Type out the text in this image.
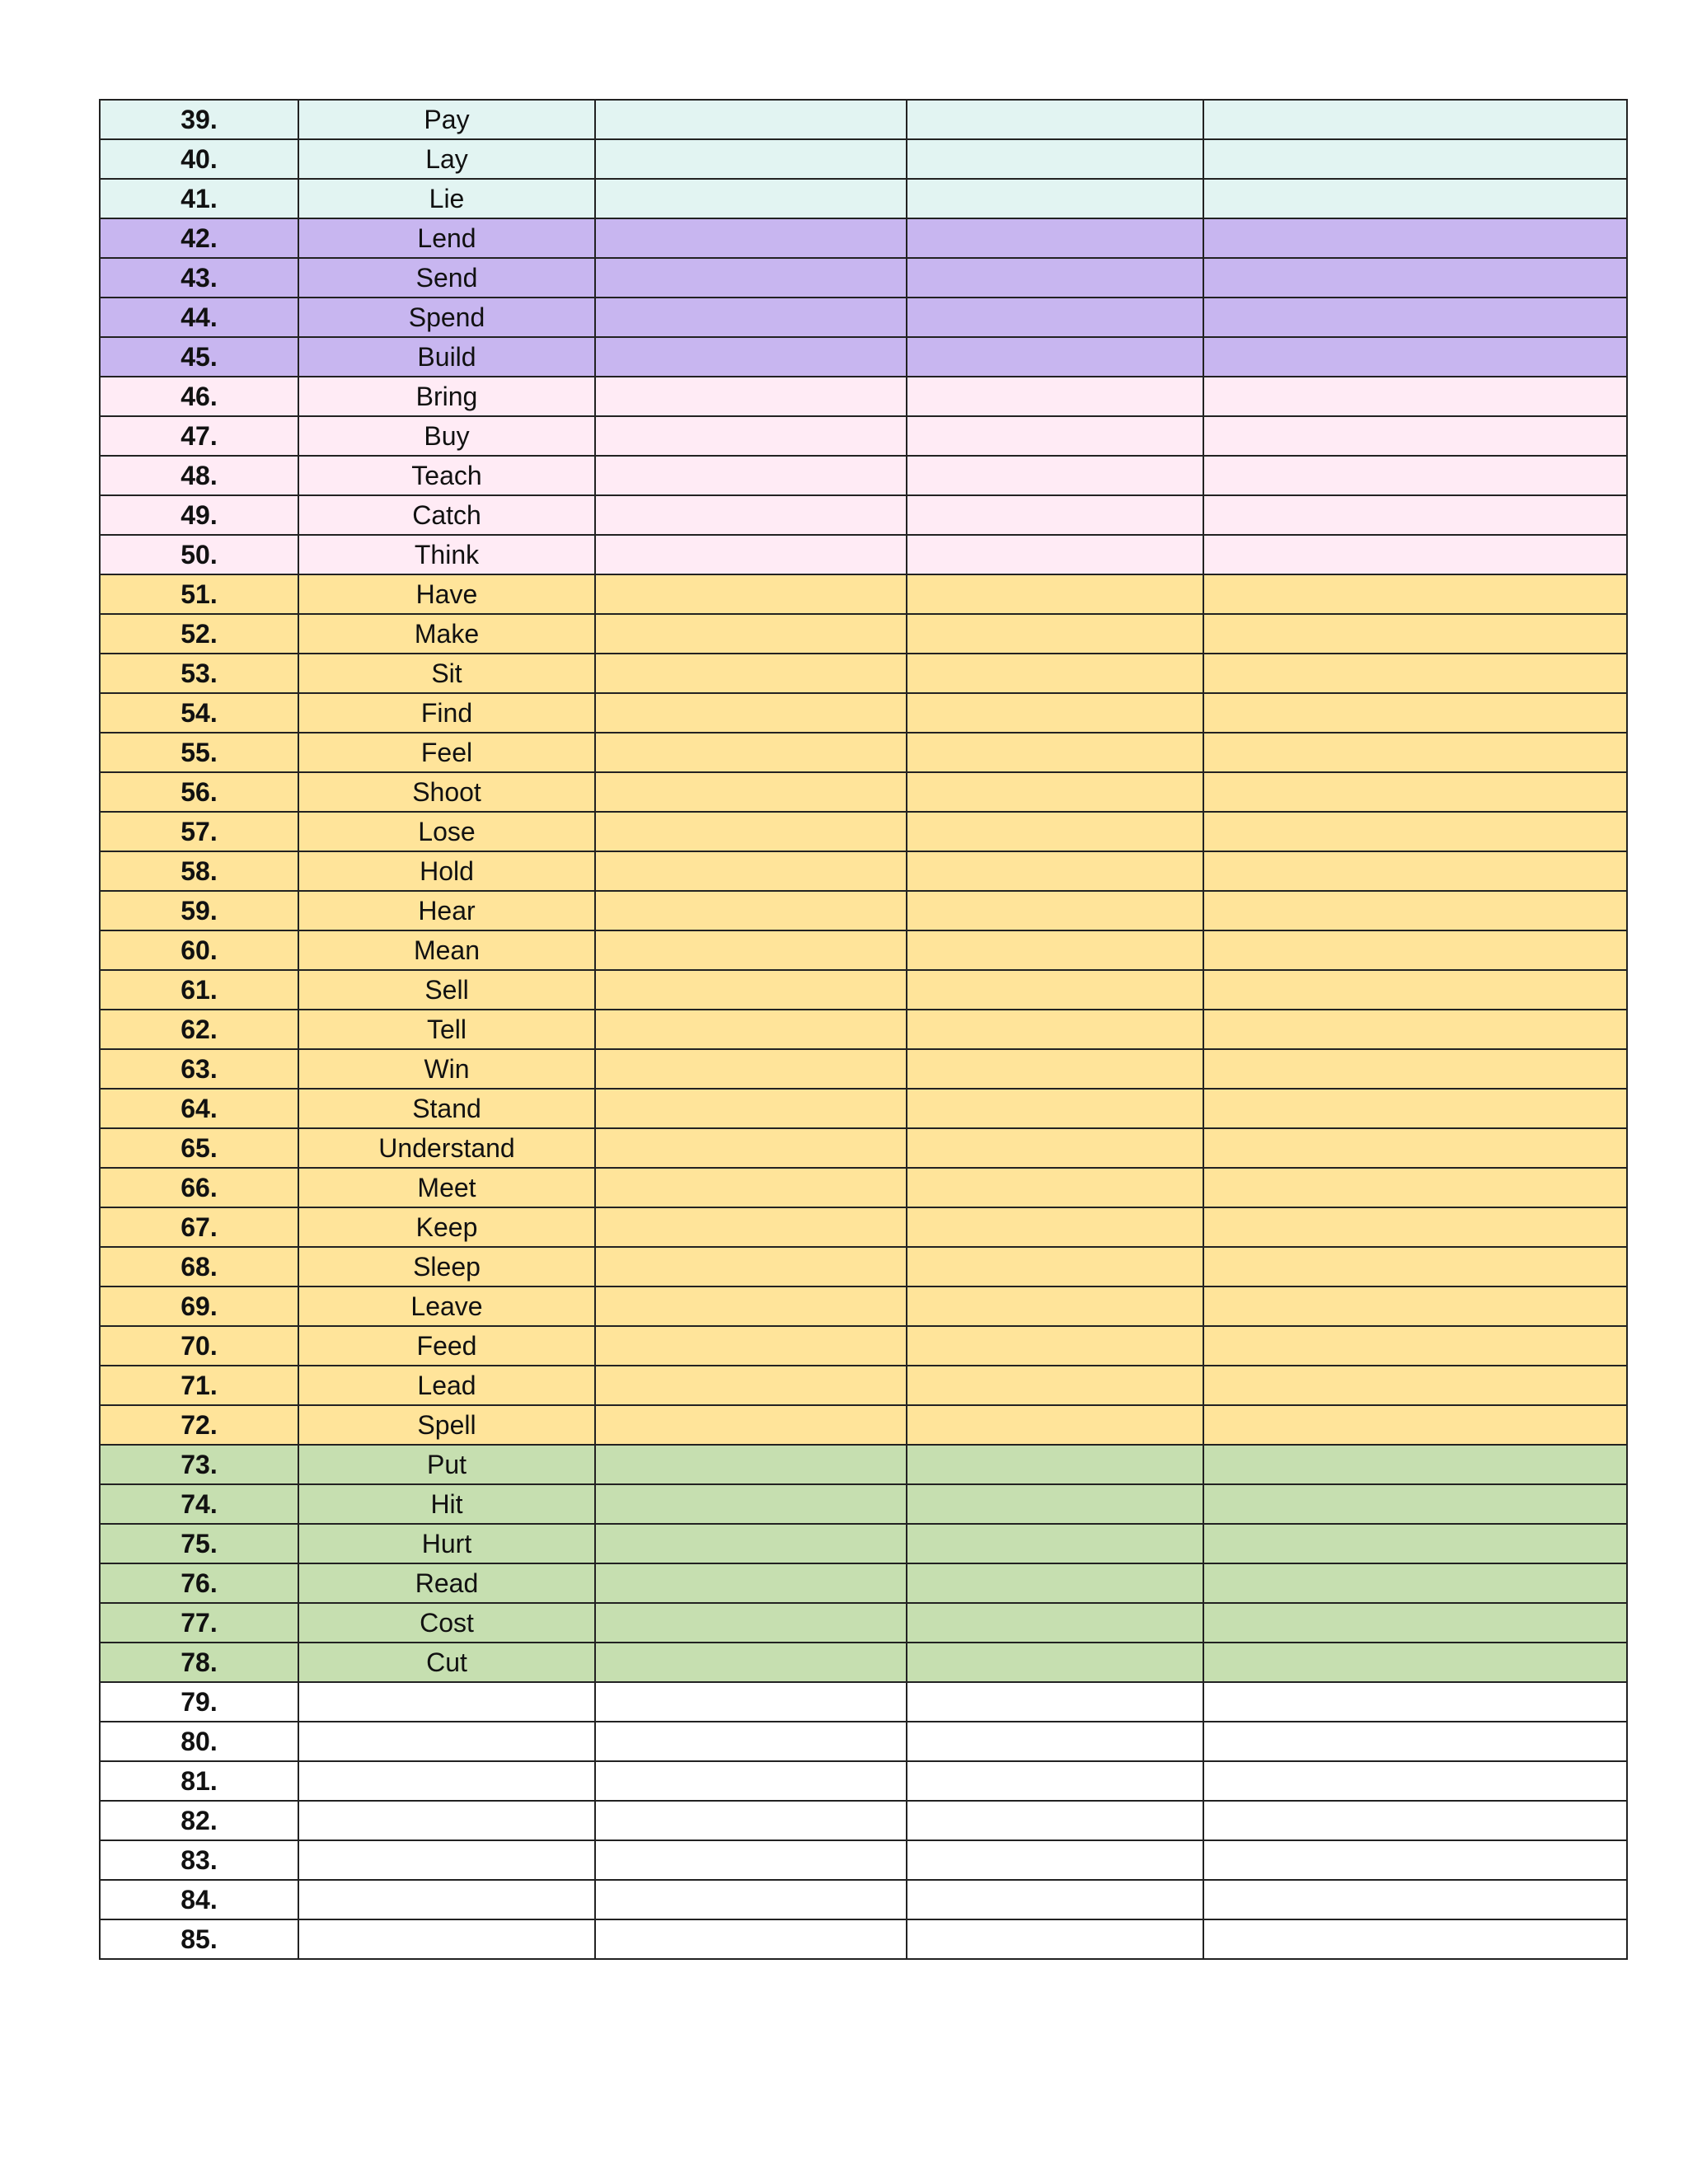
39.	Pay			
40.	Lay			
41.	Lie			
42.	Lend			
43.	Send			
44.	Spend			
45.	Build			
46.	Bring			
47.	Buy			
48.	Teach			
49.	Catch			
50.	Think			
51.	Have			
52.	Make			
53.	Sit			
54.	Find			
55.	Feel			
56.	Shoot			
57.	Lose			
58.	Hold			
59.	Hear			
60.	Mean			
61.	Sell			
62.	Tell			
63.	Win			
64.	Stand			
65.	Understand			
66.	Meet			
67.	Keep			
68.	Sleep			
69.	Leave			
70.	Feed			
71.	Lead			
72.	Spell			
73.	Put			
74.	Hit			
75.	Hurt			
76.	Read			
77.	Cost			
78.	Cut			
79.				
80.				
81.				
82.				
83.				
84.				
85.				
